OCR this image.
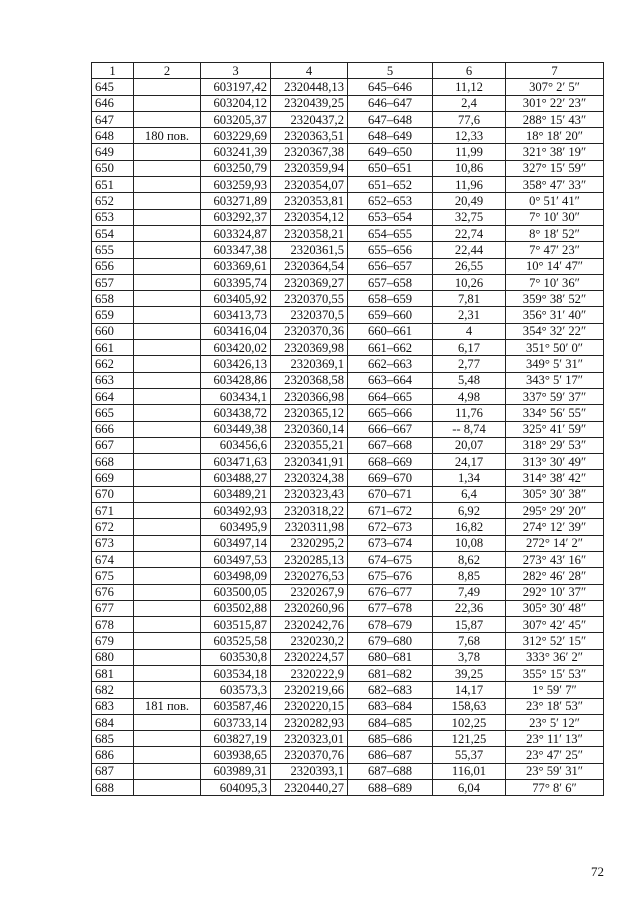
1	2	3	4	5	6	7
645		603197,42	2320448,13	645–646	11,12	307° 2′ 5″
646		603204,12	2320439,25	646–647	2,4	301° 22′ 23″
647		603205,37	2320437,2	647–648	77,6	288° 15′ 43″
648	180 пов.	603229,69	2320363,51	648–649	12,33	18° 18′ 20″
649		603241,39	2320367,38	649–650	11,99	321° 38′ 19″
650		603250,79	2320359,94	650–651	10,86	327° 15′ 59″
651		603259,93	2320354,07	651–652	11,96	358° 47′ 33″
652		603271,89	2320353,81	652–653	20,49	0° 51′ 41″
653		603292,37	2320354,12	653–654	32,75	7° 10′ 30″
654		603324,87	2320358,21	654–655	22,74	8° 18′ 52″
655		603347,38	2320361,5	655–656	22,44	7° 47′ 23″
656		603369,61	2320364,54	656–657	26,55	10° 14′ 47″
657		603395,74	2320369,27	657–658	10,26	7° 10′ 36″
658		603405,92	2320370,55	658–659	7,81	359° 38′ 52″
659		603413,73	2320370,5	659–660	2,31	356° 31′ 40″
660		603416,04	2320370,36	660–661	4	354° 32′ 22″
661		603420,02	2320369,98	661–662	6,17	351° 50′ 0″
662		603426,13	2320369,1	662–663	2,77	349° 5′ 31″
663		603428,86	2320368,58	663–664	5,48	343° 5′ 17″
664		603434,1	2320366,98	664–665	4,98	337° 59′ 37″
665		603438,72	2320365,12	665–666	11,76	334° 56′ 55″
666		603449,38	2320360,14	666–667	-- 8,74	325° 41′ 59″
667		603456,6	2320355,21	667–668	20,07	318° 29′ 53″
668		603471,63	2320341,91	668–669	24,17	313° 30′ 49″
669		603488,27	2320324,38	669–670	1,34	314° 38′ 42″
670		603489,21	2320323,43	670–671	6,4	305° 30′ 38″
671		603492,93	2320318,22	671–672	6,92	295° 29′ 20″
672		603495,9	2320311,98	672–673	16,82	274° 12′ 39″
673		603497,14	2320295,2	673–674	10,08	272° 14′ 2″
674		603497,53	2320285,13	674–675	8,62	273° 43′ 16″
675		603498,09	2320276,53	675–676	8,85	282° 46′ 28″
676		603500,05	2320267,9	676–677	7,49	292° 10′ 37″
677		603502,88	2320260,96	677–678	22,36	305° 30′ 48″
678		603515,87	2320242,76	678–679	15,87	307° 42′ 45″
679		603525,58	2320230,2	679–680	7,68	312° 52′ 15″
680		603530,8	2320224,57	680–681	3,78	333° 36′ 2″
681		603534,18	2320222,9	681–682	39,25	355° 15′ 53″
682		603573,3	2320219,66	682–683	14,17	1° 59′ 7″
683	181 пов.	603587,46	2320220,15	683–684	158,63	23° 18′ 53″
684		603733,14	2320282,93	684–685	102,25	23° 5′ 12″
685		603827,19	2320323,01	685–686	121,25	23° 11′ 13″
686		603938,65	2320370,76	686–687	55,37	23° 47′ 25″
687		603989,31	2320393,1	687–688	116,01	23° 59′ 31″
688		604095,3	2320440,27	688–689	6,04	77° 8′ 6″
72
